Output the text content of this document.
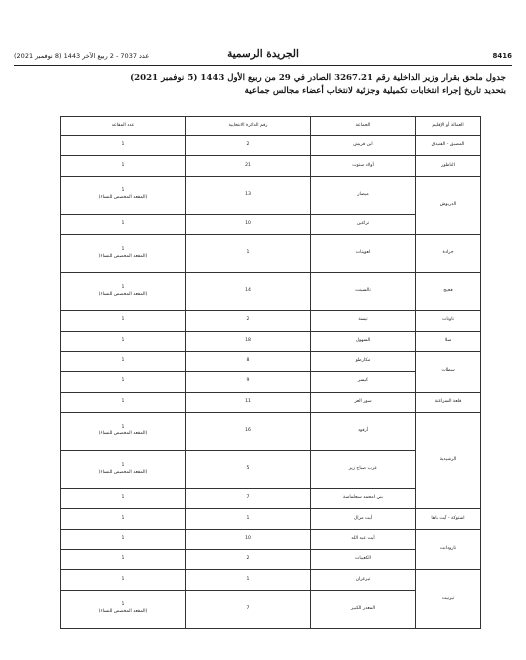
عدد 7037 - 2 ربيع الآخر 1443 (8 نوفمبر 2021)	الجريدة الرسمية	8416
جدول ملحق بقرار وزير الداخلية رقم 3267.21 الصادر في 29 من ربيع الأول 1443 (5 نوفمبر 2021)
بتحديد تاريخ إجراء انتخابات تكميلية وجزئية لانتخاب أعضاء مجالس جماعية
العمالة أو الإقليم	الجماعة	رقم الدائرة الانتخابية	عدد المقاعد
المضيق - الفنيدق	ابن قريش	2	1

الناظور	أولاد ستوت	21	1

الدريوش	ميضار	13	1
(المقعد المخصص للنساء)

	تزاغين	10	1

جرادة	لعوينات	1	1
(المقعد المخصص للنساء)

فجيج	تالسينت	14	1
(المقعد المخصص للنساء)

تاونات	تيسة	2	1

سلا	السهول	18	1

سطات	مكارطو	8	1

	كيسر	9	1

قلعة السراغنة	سور العز	11	1

الرشيدية	أرفود	16	1
(المقعد المخصص للنساء)

	عرب صباح زيز	5	1
(المقعد المخصص للنساء)

	بني امحمد سجلماسة	7	1

اشتوكة - آيت باها	أيت مزال	1	1

تارودانت	أيت عبد الله	10	1

	الكعيبات	2	1

تيزنيت	تيزغران	1	1

	المعدر الكبير	7	1
(المقعد المخصص للنساء)
